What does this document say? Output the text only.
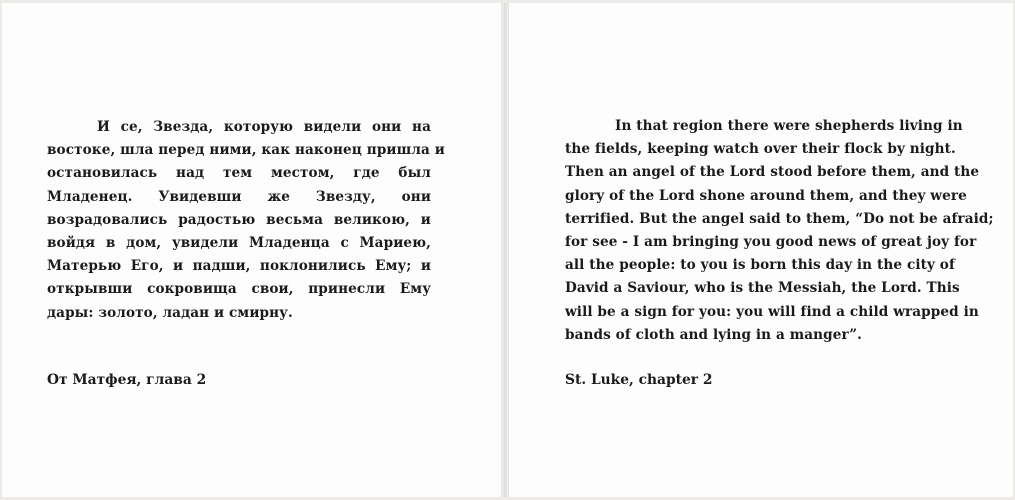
И се, Звезда, которую видели они на
востоке, шла перед ними, как наконец пришла и
остановилась над тем местом, где был
Младенец. Увидевши же Звезду, они
возрадовались радостью весьма великою, и
войдя в дом, увидели Младенца с Мариею,
Матерью Его, и падши, поклонились Ему; и
открывши сокровища свои, принесли Ему
дары: золото, ладан и смирну.
От Матфея, глава 2
In that region there were shepherds living in
the fields, keeping watch over their flock by night.
Then an angel of the Lord stood before them, and the
glory of the Lord shone around them, and they were
terrified. But the angel said to them, “Do not be afraid;
for see - I am bringing you good news of great joy for
all the people: to you is born this day in the city of
David a Saviour, who is the Messiah, the Lord. This
will be a sign for you: you will find a child wrapped in
bands of cloth and lying in a manger”.
St. Luke, chapter 2
